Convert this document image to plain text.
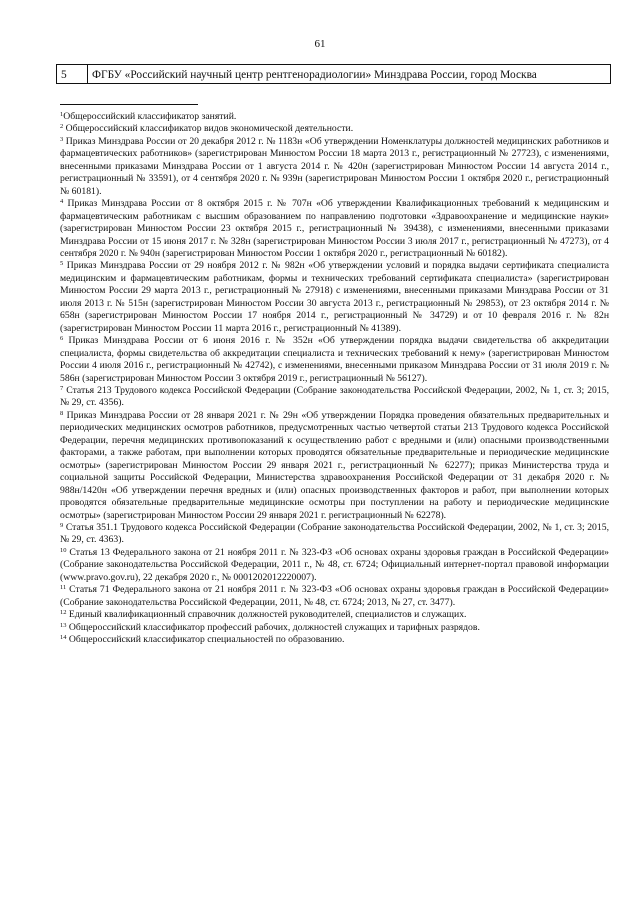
61
5	ФГБУ «Российский научный центр рентгенорадиологии» Минздрава России, город Москва

$^1$Общероссийский классификатор занятий.

$^2$ Общероссийский классификатор видов экономической деятельности.

$^3$ Приказ Минздрава России от 20 декабря 2012 г. № 1183н «Об утверждении Номенклатуры должностей медицинских работников и фармацевтических работников» (зарегистрирован Минюстом России 18 марта 2013 г., регистрационный № 27723), с изменениями, внесенными приказами Минздрава России от 1 августа 2014 г. № 420н (зарегистрирован Минюстом России 14 августа 2014 г., регистрационный № 33591), от 4 сентября 2020 г. № 939н (зарегистрирован Минюстом России 1 октября 2020 г., регистрационный № 60181).

$^4$ Приказ Минздрава России от 8 октября 2015 г. № 707н «Об утверждении Квалификационных требований к медицинским и фармацевтическим работникам с высшим образованием по направлению подготовки «Здравоохранение и медицинские науки» (зарегистрирован Минюстом России 23 октября 2015 г., регистрационный № 39438), с изменениями, внесенными приказами Минздрава России от 15 июня 2017 г. № 328н (зарегистрирован Минюстом России 3 июля 2017 г., регистрационный № 47273), от 4 сентября 2020 г. № 940н (зарегистрирован Минюстом России 1 октября 2020 г., регистрационный № 60182).

$^5$ Приказ Минздрава России от 29 ноября 2012 г. № 982н «Об утверждении условий и порядка выдачи сертификата специалиста медицинским и фармацевтическим работникам, формы и технических требований сертификата специалиста» (зарегистрирован Минюстом России 29 марта 2013 г., регистрационный № 27918) с изменениями, внесенными приказами Минздрава России от 31 июля 2013 г. № 515н (зарегистрирован Минюстом России 30 августа 2013 г., регистрационный № 29853), от 23 октября 2014 г. № 658н (зарегистрирован Минюстом России 17 ноября 2014 г., регистрационный № 34729) и от 10 февраля 2016 г. № 82н (зарегистрирован Минюстом России 11 марта 2016 г., регистрационный № 41389).

$^6$ Приказ Минздрава России от 6 июня 2016 г. № 352н «Об утверждении порядка выдачи свидетельства об аккредитации специалиста, формы свидетельства об аккредитации специалиста и технических требований к нему» (зарегистрирован Минюстом России 4 июля 2016 г., регистрационный № 42742), с изменениями, внесенными приказом Минздрава России от 31 июля 2019 г. № 586н (зарегистрирован Минюстом России 3 октября 2019 г., регистрационный № 56127).

$^7$ Статья 213 Трудового кодекса Российской Федерации (Собрание законодательства Российской Федерации, 2002, № 1, ст. 3; 2015, № 29, ст. 4356).

$^8$ Приказ Минздрава России от 28 января 2021 г. № 29н «Об утверждении Порядка проведения обязательных предварительных и периодических медицинских осмотров работников, предусмотренных частью четвертой статьи 213 Трудового кодекса Российской Федерации, перечня медицинских противопоказаний к осуществлению работ с вредными и (или) опасными производственными факторами, а также работам, при выполнении которых проводятся обязательные предварительные и периодические медицинские осмотры» (зарегистрирован Минюстом России 29 января 2021 г., регистрационный № 62277); приказ Министерства труда и социальной защиты Российской Федерации, Министерства здравоохранения Российской Федерации от 31 декабря 2020 г. № 988н/1420н «Об утверждении перечня вредных и (или) опасных производственных факторов и работ, при выполнении которых проводятся обязательные предварительные медицинские осмотры при поступлении на работу и периодические медицинские осмотры» (зарегистрирован Минюстом России 29 января 2021 г. регистрационный № 62278).

$^9$ Статья 351.1 Трудового кодекса Российской Федерации (Собрание законодательства Российской Федерации, 2002, № 1, ст. 3; 2015, № 29, ст. 4363).

$^{10}$ Статья 13 Федерального закона от 21 ноября 2011 г. № 323-ФЗ «Об основах охраны здоровья граждан в Российской Федерации» (Собрание законодательства Российской Федерации, 2011 г., № 48, ст. 6724; Официальный интернет-портал правовой информации (www.pravo.gov.ru), 22 декабря 2020 г., № 0001202012220007).

$^{11}$ Статья 71 Федерального закона от 21 ноября 2011 г. № 323-ФЗ «Об основах охраны здоровья граждан в Российской Федерации» (Собрание законодательства Российской Федерации, 2011, № 48, ст. 6724; 2013, № 27, ст. 3477).

$^{12}$ Единый квалификационный справочник должностей руководителей, специалистов и служащих.

$^{13}$ Общероссийский классификатор профессий рабочих, должностей служащих и тарифных разрядов.

$^{14}$ Общероссийский классификатор специальностей по образованию.
